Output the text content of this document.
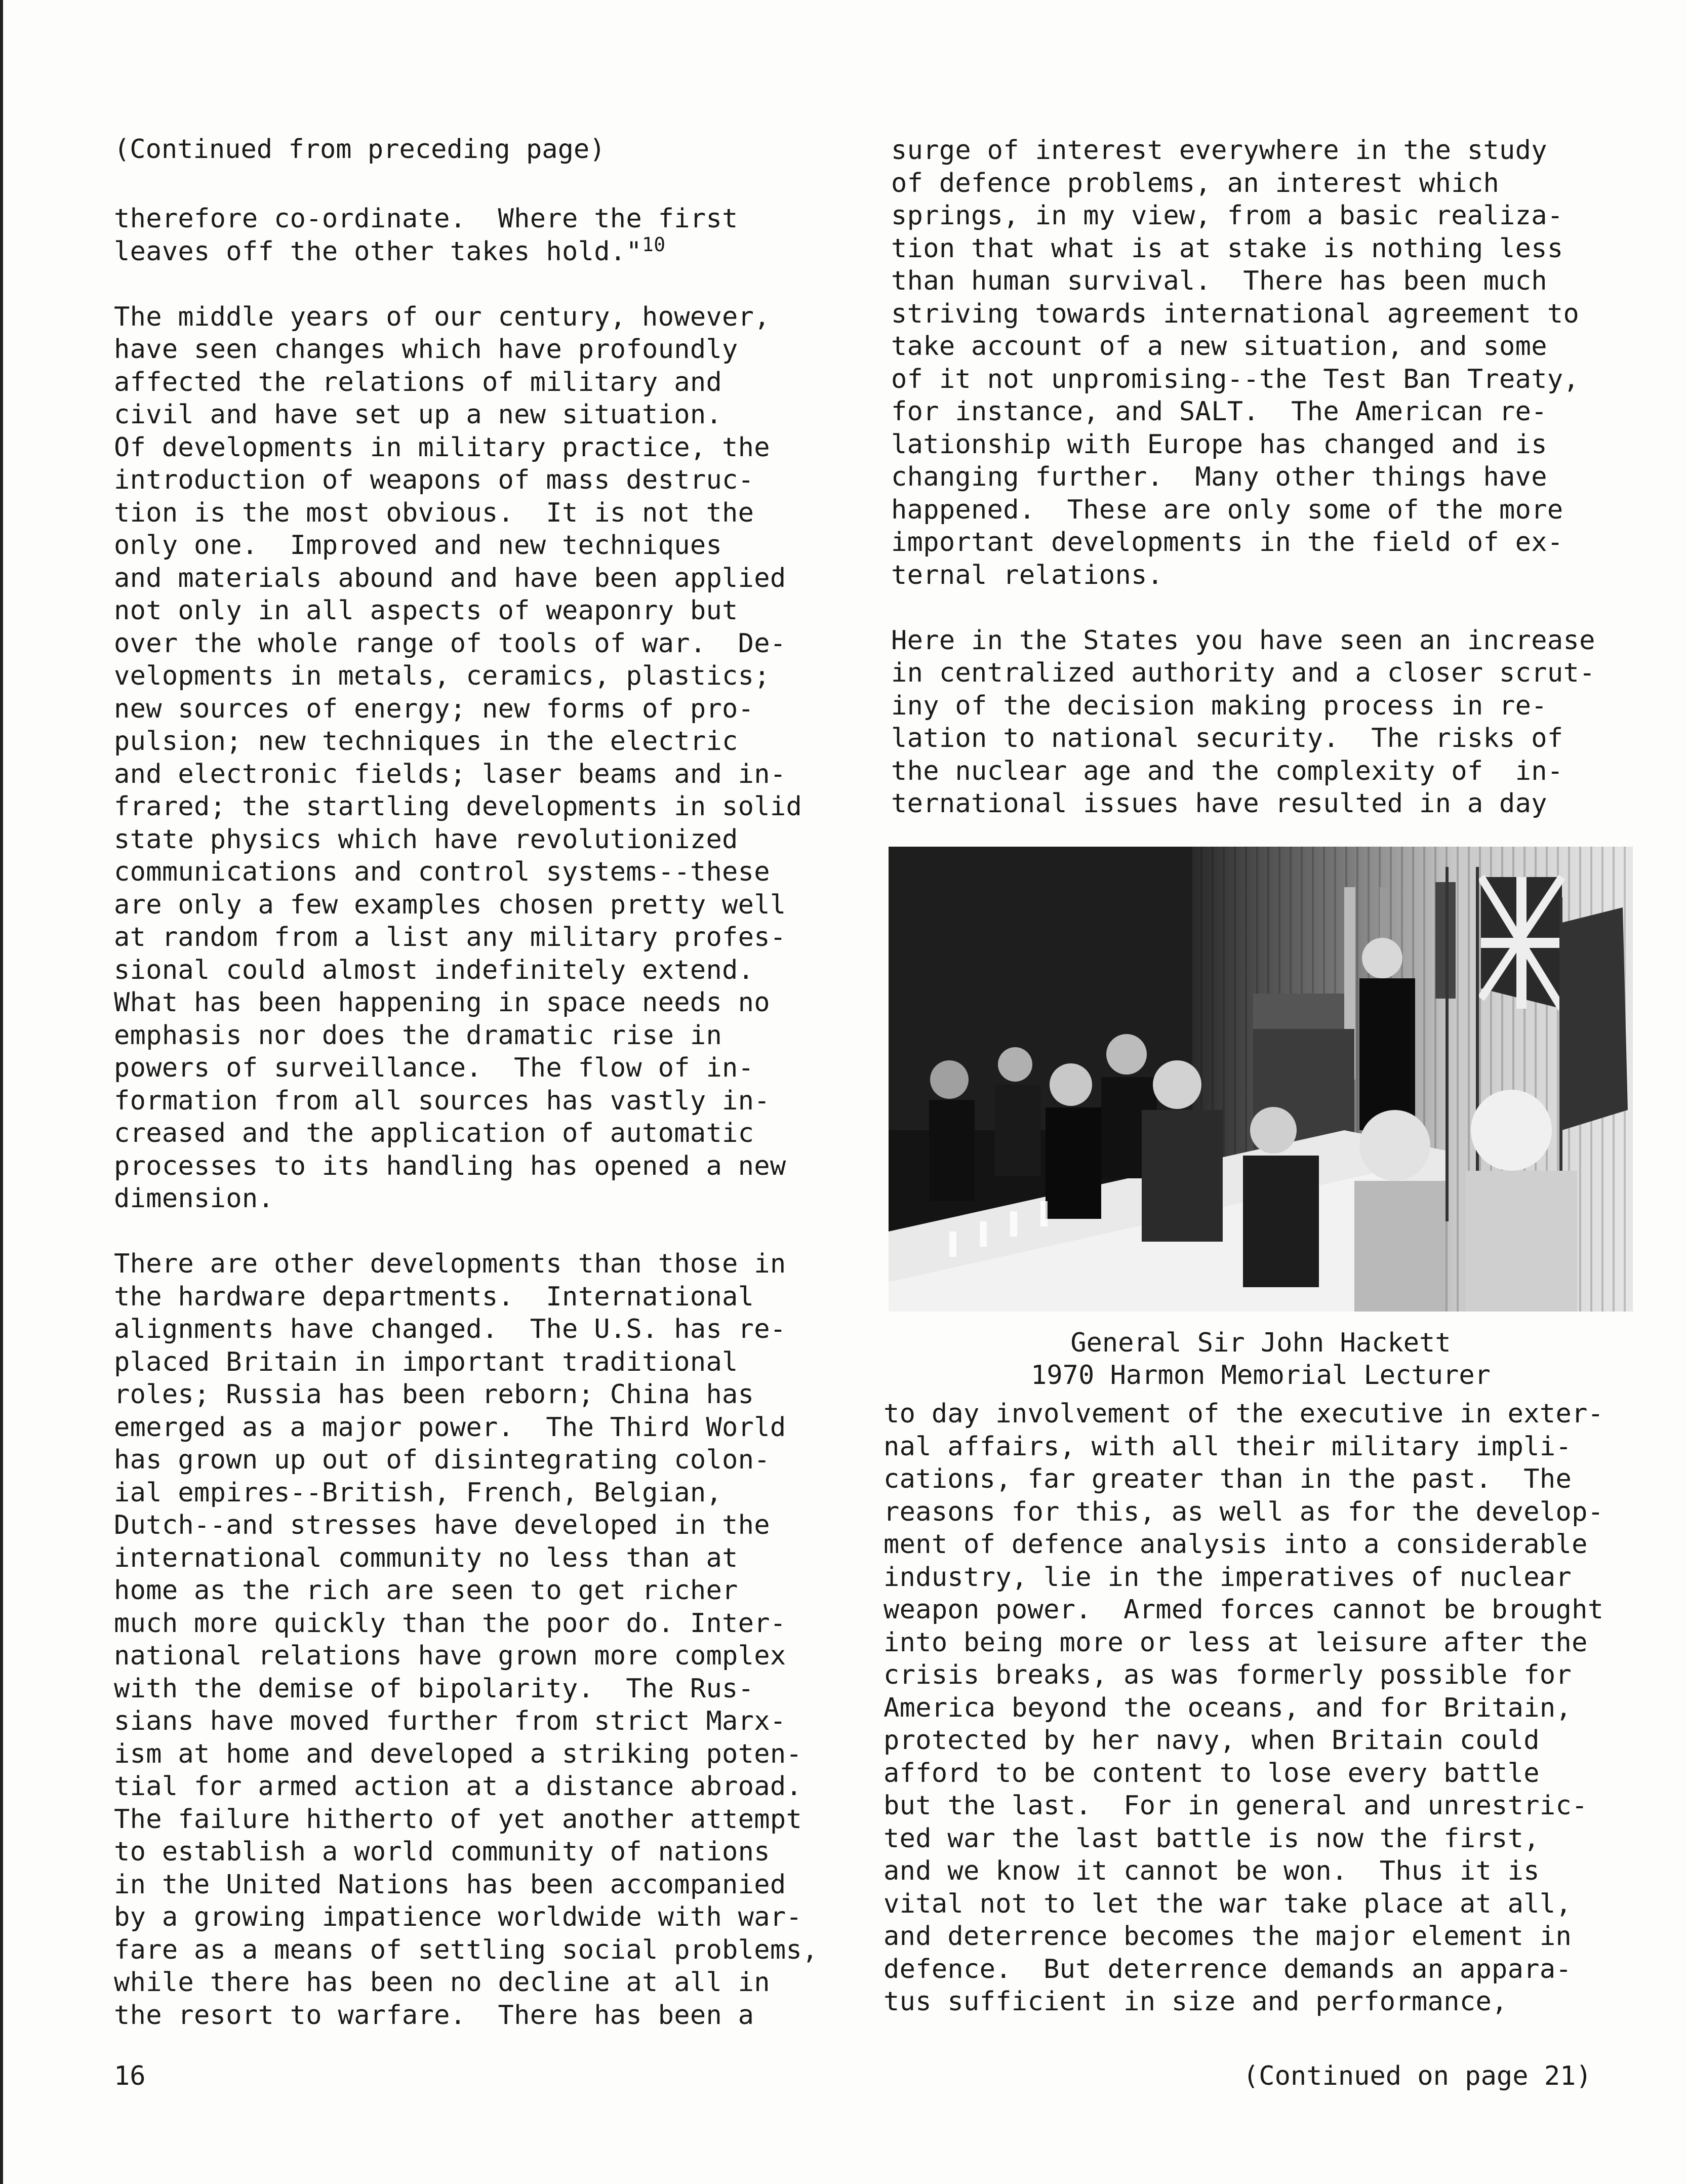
(Continued from preceding page)
therefore co-ordinate.  Where the first
leaves off the other takes hold."$^{10}$
The middle years of our century, however,
have seen changes which have profoundly
affected the relations of military and
civil and have set up a new situation.
Of developments in military practice, the
introduction of weapons of mass destruc-
tion is the most obvious.  It is not the
only one.  Improved and new techniques
and materials abound and have been applied
not only in all aspects of weaponry but
over the whole range of tools of war.  De-
velopments in metals, ceramics, plastics;
new sources of energy; new forms of pro-
pulsion; new techniques in the electric
and electronic fields; laser beams and in-
frared; the startling developments in solid
state physics which have revolutionized
communications and control systems--these
are only a few examples chosen pretty well
at random from a list any military profes-
sional could almost indefinitely extend.
What has been happening in space needs no
emphasis nor does the dramatic rise in
powers of surveillance.  The flow of in-
formation from all sources has vastly in-
creased and the application of automatic
processes to its handling has opened a new
dimension.
There are other developments than those in
the hardware departments.  International
alignments have changed.  The U.S. has re-
placed Britain in important traditional
roles; Russia has been reborn; China has
emerged as a major power.  The Third World
has grown up out of disintegrating colon-
ial empires--British, French, Belgian,
Dutch--and stresses have developed in the
international community no less than at
home as the rich are seen to get richer
much more quickly than the poor do. Inter-
national relations have grown more complex
with the demise of bipolarity.  The Rus-
sians have moved further from strict Marx-
ism at home and developed a striking poten-
tial for armed action at a distance abroad.
The failure hitherto of yet another attempt
to establish a world community of nations
in the United Nations has been accompanied
by a growing impatience worldwide with war-
fare as a means of settling social problems,
while there has been no decline at all in
the resort to warfare.  There has been a
surge of interest everywhere in the study
of defence problems, an interest which
springs, in my view, from a basic realiza-
tion that what is at stake is nothing less
than human survival.  There has been much
striving towards international agreement to
take account of a new situation, and some
of it not unpromising--the Test Ban Treaty,
for instance, and SALT.  The American re-
lationship with Europe has changed and is
changing further.  Many other things have
happened.  These are only some of the more
important developments in the field of ex-
ternal relations.
Here in the States you have seen an increase
in centralized authority and a closer scrut-
iny of the decision making process in re-
lation to national security.  The risks of
the nuclear age and the complexity of  in-
ternational issues have resulted in a day
General Sir John Hackett
1970 Harmon Memorial Lecturer
to day involvement of the executive in exter-
nal affairs, with all their military impli-
cations, far greater than in the past.  The
reasons for this, as well as for the develop-
ment of defence analysis into a considerable
industry, lie in the imperatives of nuclear
weapon power.  Armed forces cannot be brought
into being more or less at leisure after the
crisis breaks, as was formerly possible for
America beyond the oceans, and for Britain,
protected by her navy, when Britain could
afford to be content to lose every battle
but the last.  For in general and unrestric-
ted war the last battle is now the first,
and we know it cannot be won.  Thus it is
vital not to let the war take place at all,
and deterrence becomes the major element in
defence.  But deterrence demands an appara-
tus sufficient in size and performance,
16	(Continued on page 21)
